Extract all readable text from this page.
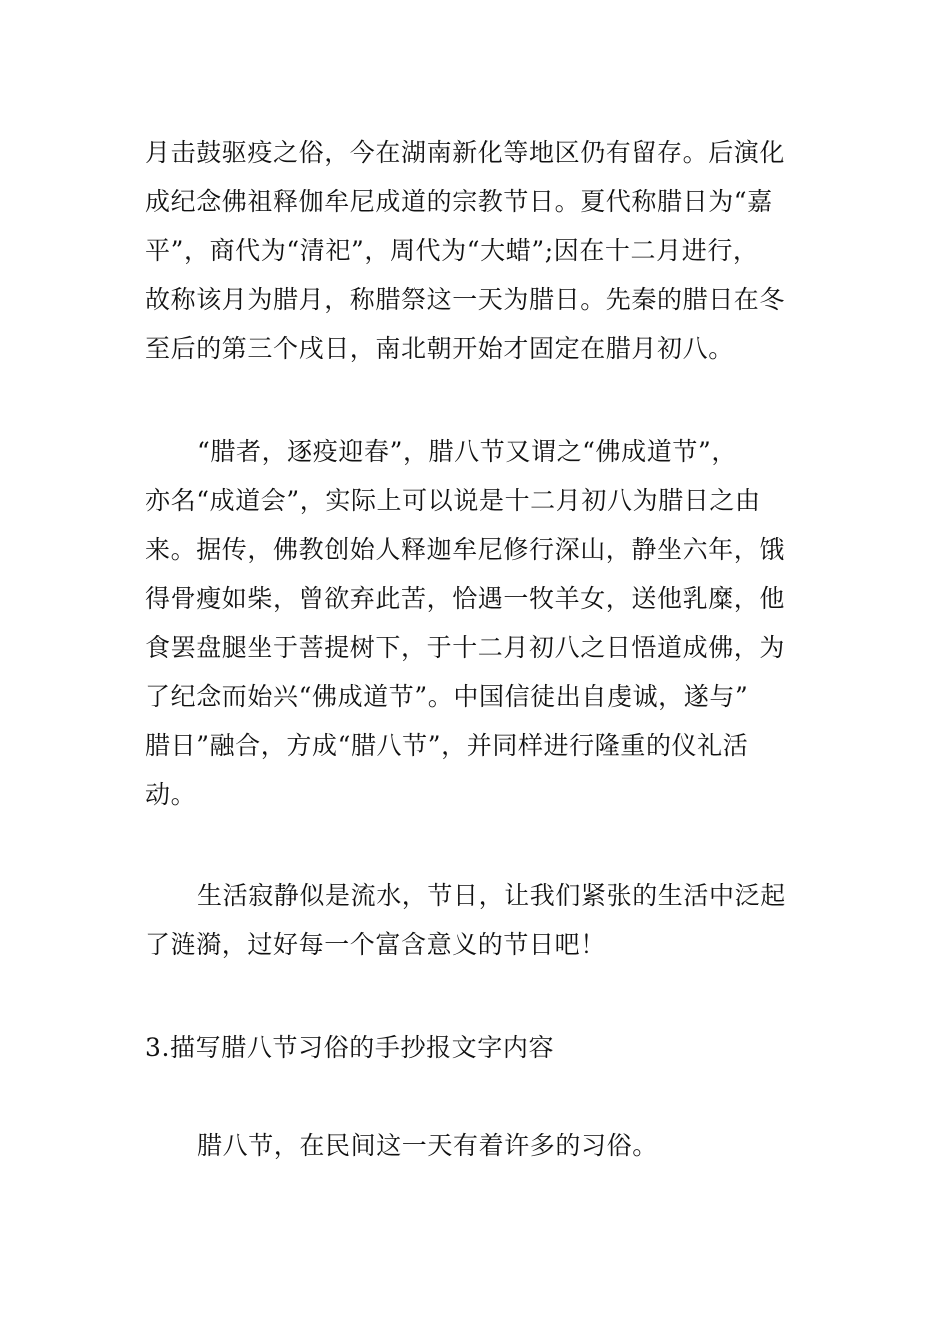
月击鼓驱疫之俗，今在湖南新化等地区仍有留存。后演化
成纪念佛祖释伽牟尼成道的宗教节日。夏代称腊日为“嘉
平”，商代为“清祀”，周代为“大蜡”;因在十二月进行，
故称该月为腊月，称腊祭这一天为腊日。先秦的腊日在冬
至后的第三个戌日，南北朝开始才固定在腊月初八。

“腊者，逐疫迎春”，腊八节又谓之“佛成道节”，
亦名“成道会”，实际上可以说是十二月初八为腊日之由
来。据传，佛教创始人释迦牟尼修行深山，静坐六年，饿
得骨瘦如柴，曾欲弃此苦，恰遇一牧羊女，送他乳糜，他
食罢盘腿坐于菩提树下，于十二月初八之日悟道成佛，为
了纪念而始兴“佛成道节”。中国信徒出自虔诚，遂与”
腊日”融合，方成“腊八节”，并同样进行隆重的仪礼活
动。

生活寂静似是流水，节日，让我们紧张的生活中泛起
了涟漪，过好每一个富含意义的节日吧！

3.描写腊八节习俗的手抄报文字内容

腊八节，在民间这一天有着许多的习俗。
